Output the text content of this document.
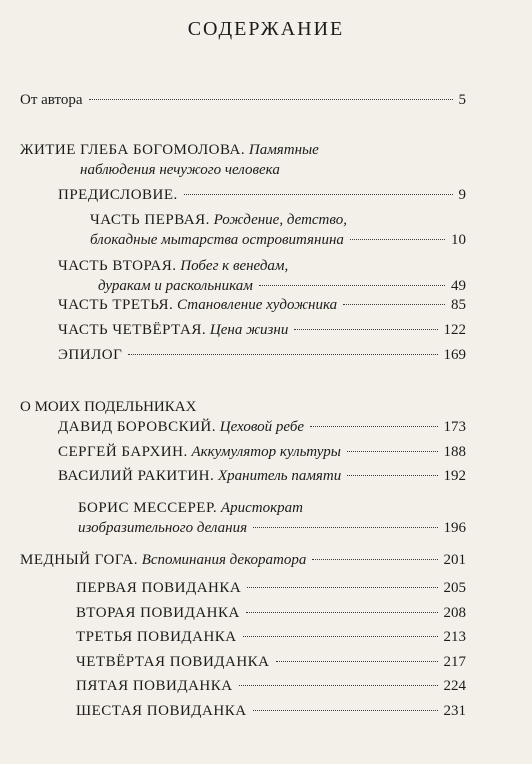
СОДЕРЖАНИЕ
От автора	5
ЖИТИЕ ГЛЕБА БОГОМОЛОВА. Памятные
наблюдения нечужого человека
ПРЕДИСЛОВИЕ.	9
ЧАСТЬ ПЕРВАЯ. Рождение, детство,
блокадные мытарства островитянина	10
ЧАСТЬ ВТОРАЯ. Побег к венедам,
дуракам и раскольникам	49
ЧАСТЬ ТРЕТЬЯ. Становление художника	85
ЧАСТЬ ЧЕТВЁРТАЯ. Цена жизни	122
ЭПИЛОГ	169
О МОИХ ПОДЕЛЬНИКАХ
ДАВИД БОРОВСКИЙ. Цеховой ребе	173
СЕРГЕЙ БАРХИН. Аккумулятор культуры	188
ВАСИЛИЙ РАКИТИН. Хранитель памяти	192
БОРИС МЕССЕРЕР. Аристократ
изобразительного делания	196
МЕДНЫЙ ГОГА. Вспоминания декоратора	201
ПЕРВАЯ ПОВИДАНКА	205
ВТОРАЯ ПОВИДАНКА	208
ТРЕТЬЯ ПОВИДАНКА	213
ЧЕТВЁРТАЯ ПОВИДАНКА	217
ПЯТАЯ ПОВИДАНКА	224
ШЕСТАЯ ПОВИДАНКА	231
